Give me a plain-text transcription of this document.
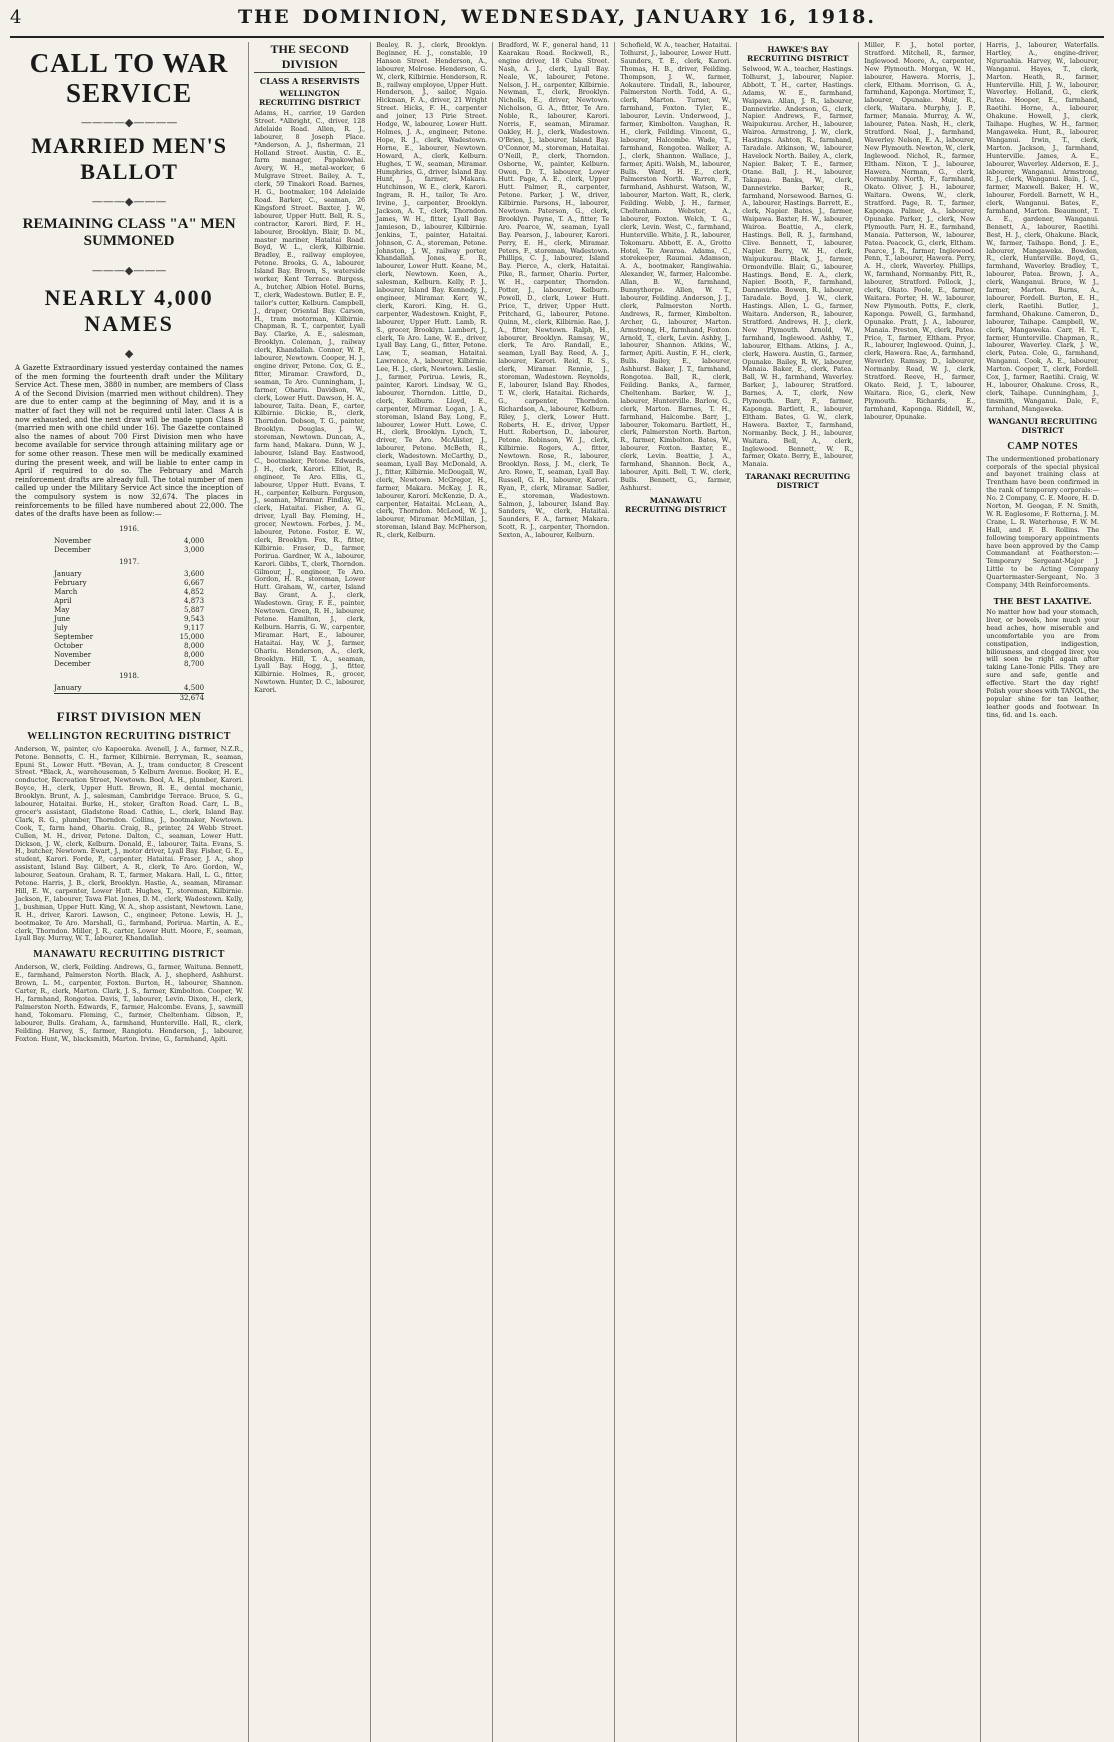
4	THE DOMINION, WEDNESDAY, JANUARY 16, 1918.
CALL TO WAR SERVICE
————◆————
MARRIED MEN'S BALLOT
———◆———
REMAINING CLASS "A" MEN SUMMONED
———◆———
NEARLY 4,000 NAMES
◆
A Gazette Extraordinary issued yesterday contained the names of the men forming the fourteenth draft under the Military Service Act. These men, 3880 in number, are members of Class A of the Second Division (married men without children). They are due to enter camp at the beginning of May, and it is a matter of fact they will not be required until later. Class A is now exhausted, and the next draw will be made upon Class B (married men with one child under 16). The Gazette contained also the names of about 700 First Division men who have become available for service through attaining military age or for some other reason. These men will be medically examined during the present week, and will be liable to enter camp in April if required to do so. The February and March reinforcement drafts are already full. The total number of men called up under the Military Service Act since the inception of the compulsory system is now 32,674. The places in reinforcements to be filled have numbered about 22,000. The dates of the drafts have been as follow:—
1916.
November	4,000
December	3,000
1917.
January	3,600
February	6,667
March	4,852
April	4,873
May	5,887
June	9,543
July	9,117
September	15,000
October	8,000
November	8,000
December	8,700
1918.
January	4,500
32,674
FIRST DIVISION MEN
WELLINGTON RECRUITING DISTRICT
Anderson, W., painter, c/o Kapoeraka. Avenell, J. A., farmer, N.Z.R., Petone. Bennetts, C. H., farmer, Kilbirnie. Berryman, R., seaman, Epuni St., Lower Hutt. *Bevan, A. J., tram conductor, 8 Crescent Street. *Black, A., warehouseman, 5 Kelburn Avenue. Booker, H. E., conductor, Recreation Street, Newtown. Bool, A. H., plumber, Karori. Boyce, H., clerk, Upper Hutt. Brown, R. E., dental mechanic, Brooklyn. Brunt, A. J., salesman, Cambridge Terrace. Bruce, S. G., labourer, Hataitai. Burke, H., stoker, Grafton Road. Carr, L. B., grocer's assistant, Gladstone Road. Cathie, L., clerk, Island Bay. Clark, R. G., plumber, Thorndon. Collins, J., bootmaker, Newtown. Cook, T., farm hand, Ohariu. Craig, R., printer, 24 Webb Street. Cullen, M. H., driver, Petone. Dalton, C., seaman, Lower Hutt. Dickson, J. W., clerk, Kelburn. Donald, E., labourer, Taita. Evans, S. H., butcher, Newtown. Ewart, J., motor driver, Lyall Bay. Fisher, G. E., student, Karori. Forde, P., carpenter, Hataitai. Fraser, J. A., shop assistant, Island Bay. Gilbert, A. R., clerk, Te Aro. Gordon, W., labourer, Seatoun. Graham, R. T., farmer, Makara. Hall, L. G., fitter, Petone. Harris, J. B., clerk, Brooklyn. Hastie, A., seaman, Miramar. Hill, E. W., carpenter, Lower Hutt. Hughes, T., storeman, Kilbirnie. Jackson, F., labourer, Tawa Flat. Jones, D. M., clerk, Wadestown. Kelly, J., bushman, Upper Hutt. King, W. A., shop assistant, Newtown. Lane, R. H., driver, Karori. Lawson, C., engineer, Petone. Lewis, H. J., bootmaker, Te Aro. Marshall, G., farmhand, Porirua. Martin, A. E., clerk, Thorndon. Miller, J. R., carter, Lower Hutt. Moore, F., seaman, Lyall Bay. Murray, W. T., labourer, Khandallah.
MANAWATU RECRUITING DISTRICT
Anderson, W., clerk, Feilding. Andrews, G., farmer, Waituna. Bennett, E., farmhand, Palmerston North. Black, A. J., shepherd, Ashhurst. Brown, L. M., carpenter, Foxton. Burton, H., labourer, Shannon. Carter, R., clerk, Marton. Clark, J. S., farmer, Kimbolton. Cooper, W. H., farmhand, Rongotea. Davis, T., labourer, Levin. Dixon, H., clerk, Palmerston North. Edwards, F., farmer, Halcombe. Evans, J., sawmill hand, Tokomaru. Fleming, C., farmer, Cheltenham. Gibson, P., labourer, Bulls. Graham, A., farmhand, Hunterville. Hall, R., clerk, Feilding. Harvey, S., farmer, Rangiotu. Henderson, J., labourer, Foxton. Hunt, W., blacksmith, Marton. Irvine, G., farmhand, Apiti.
THE SECOND DIVISION
CLASS A RESERVISTS
WELLINGTON RECRUITING DISTRICT
Adams, H., carrier, 19 Garden Street. *Albright, C., driver, 128 Adelaide Road. Allen, R. J., labourer, 8 Joseph Place. *Anderson, A. J., fisherman, 21 Holland Street. Austin, C. E., farm manager, Papakowhai. Avery, W. H., metal-worker, 6 Mulgrave Street. Bailey, A. T., clerk, 59 Tinakori Road. Barnes, H. G., bootmaker, 104 Adelaide Road. Barker, C., seaman, 26 Kingsford Street. Baxter, J. W., labourer, Upper Hutt. Bell, R. S., contractor, Karori. Bird, F. H., labourer, Brooklyn. Blair, D. M., master mariner, Hataitai Road. Boyd, W. L., clerk, Kilbirnie. Bradley, E., railway employee, Petone. Brooks, G. A., labourer, Island Bay. Brown, S., waterside worker, Kent Terrace. Burgess, A., butcher, Albion Hotel. Burns, T., clerk, Wadestown. Butler, E. F., tailor's cutter, Kelburn. Campbell, J., draper, Oriental Bay. Carson, H., tram motorman, Kilbirnie. Chapman, R. T., carpenter, Lyall Bay. Clarke, A. E., salesman, Brooklyn. Coleman, J., railway clerk, Khandallah. Connor, W. P., labourer, Newtown. Cooper, H. J., engine driver, Petone. Cox, G. E., fitter, Miramar. Crawford, D., seaman, Te Aro. Cunningham, J., farmer, Ohariu. Davidson, W., clerk, Lower Hutt. Dawson, H. A., labourer, Taita. Dean, F., carter, Kilbirnie. Dickie, R., clerk, Thorndon. Dobson, T. G., painter, Brooklyn. Douglas, J. W., storeman, Newtown. Duncan, A., farm hand, Makara. Dunn, W. J., labourer, Island Bay. Eastwood, C., bootmaker, Petone. Edwards, J. H., clerk, Karori. Elliot, R., engineer, Te Aro. Ellis, G., labourer, Upper Hutt. Evans, T. H., carpenter, Kelburn. Ferguson, J., seaman, Miramar. Findlay, W., clerk, Hataitai. Fisher, A. G., driver, Lyall Bay. Fleming, H., grocer, Newtown. Forbes, J. M., labourer, Petone. Foster, E. W., clerk, Brooklyn. Fox, R., fitter, Kilbirnie. Fraser, D., farmer, Porirua. Gardner, W. A., labourer, Karori. Gibbs, T., clerk, Thorndon. Gilmour, J., engineer, Te Aro. Gordon, H. R., storeman, Lower Hutt. Graham, W., carter, Island Bay. Grant, A. J., clerk, Wadestown. Gray, F. E., painter, Newtown. Green, R. H., labourer, Petone. Hamilton, J., clerk, Kelburn. Harris, G. W., carpenter, Miramar. Hart, E., labourer, Hataitai. Hay, W. J., farmer, Ohariu. Henderson, A., clerk, Brooklyn. Hill, T. A., seaman, Lyall Bay. Hogg, J., fitter, Kilbirnie. Holmes, R., grocer, Newtown. Hunter, D. C., labourer, Karori.
Bealey, R. J., clerk, Brooklyn. Beginner, H. J., constable, 19 Hanson Street. Henderson, A., labourer, Melrose. Henderson, G. W., clerk, Kilbirnie. Henderson, R. B., railway employee, Upper Hutt. Henderson, J., sailor, Ngaio. Hickman, F. A., driver, 21 Wright Street. Hicks, F. H., carpenter and joiner, 13 Pirie Street. Hodge, W., labourer, Lower Hutt. Holmes, J. A., engineer, Petone. Hope, R. J., clerk, Wadestown. Horne, E., labourer, Newtown. Howard, A., clerk, Kelburn. Hughes, T. W., seaman, Miramar. Humphries, G., driver, Island Bay. Hunt, J., farmer, Makara. Hutchinson, W. E., clerk, Karori. Ingram, R. H., tailor, Te Aro. Irvine, J., carpenter, Brooklyn. Jackson, A. T., clerk, Thorndon. James, W. H., fitter, Lyall Bay. Jamieson, D., labourer, Kilbirnie. Jenkins, T., painter, Hataitai. Johnson, C. A., storeman, Petone. Johnston, J. W., railway porter, Khandallah. Jones, E. R., labourer, Lower Hutt. Keane, M., clerk, Newtown. Keen, A., salesman, Kelburn. Kelly, P. J., labourer, Island Bay. Kennedy, J., engineer, Miramar. Kerr, W., clerk, Karori. King, H. G., carpenter, Wadestown. Knight, F., labourer, Upper Hutt. Lamb, R. S., grocer, Brooklyn. Lambert, J., clerk, Te Aro. Lane, W. E., driver, Lyall Bay. Lang, G., fitter, Petone. Law, T., seaman, Hataitai. Lawrence, A., labourer, Kilbirnie. Lee, H. J., clerk, Newtown. Leslie, J., farmer, Porirua. Lewis, R., painter, Karori. Lindsay, W. G., labourer, Thorndon. Little, D., clerk, Kelburn. Lloyd, E., carpenter, Miramar. Logan, J. A., storeman, Island Bay. Long, F., labourer, Lower Hutt. Lowe, C. H., clerk, Brooklyn. Lynch, T., driver, Te Aro. McAlister, J., labourer, Petone. McBeth, R., clerk, Wadestown. McCarthy, D., seaman, Lyall Bay. McDonald, A. J., fitter, Kilbirnie. McDougall, W., clerk, Newtown. McGregor, H., farmer, Makara. McKay, J. R., labourer, Karori. McKenzie, D. A., carpenter, Hataitai. McLean, A., clerk, Thorndon. McLeod, W. J., labourer, Miramar. McMillan, J., storeman, Island Bay. McPherson, R., clerk, Kelburn.
Bradford, W. F., general hand, 11 Kaarakau Road. Rockwell, R., engine driver, 18 Cuba Street. Nash, A. J., clerk, Lyall Bay. Neale, W., labourer, Petone. Nelson, J. H., carpenter, Kilbirnie. Newman, T., clerk, Brooklyn. Nicholls, E., driver, Newtown. Nicholson, G. A., fitter, Te Aro. Noble, R., labourer, Karori. Norris, F., seaman, Miramar. Oakley, H. J., clerk, Wadestown. O'Brien, J., labourer, Island Bay. O'Connor, M., storeman, Hataitai. O'Neill, P., clerk, Thorndon. Osborne, W., painter, Kelburn. Owen, D. T., labourer, Lower Hutt. Page, A. E., clerk, Upper Hutt. Palmer, R., carpenter, Petone. Parker, J. W., driver, Kilbirnie. Parsons, H., labourer, Newtown. Paterson, G., clerk, Brooklyn. Payne, T. A., fitter, Te Aro. Pearce, W., seaman, Lyall Bay. Pearson, J., labourer, Karori. Perry, E. H., clerk, Miramar. Peters, F., storeman, Wadestown. Phillips, C. J., labourer, Island Bay. Pierce, A., clerk, Hataitai. Pike, R., farmer, Ohariu. Porter, W. H., carpenter, Thorndon. Potter, J., labourer, Kelburn. Powell, D., clerk, Lower Hutt. Price, T., driver, Upper Hutt. Pritchard, G., labourer, Petone. Quinn, M., clerk, Kilbirnie. Rae, J. A., fitter, Newtown. Ralph, H., labourer, Brooklyn. Ramsay, W., clerk, Te Aro. Randall, E., seaman, Lyall Bay. Reed, A. J., labourer, Karori. Reid, R. S., clerk, Miramar. Rennie, J., storeman, Wadestown. Reynolds, F., labourer, Island Bay. Rhodes, T. W., clerk, Hataitai. Richards, G., carpenter, Thorndon. Richardson, A., labourer, Kelburn. Riley, J., clerk, Lower Hutt. Roberts, H. E., driver, Upper Hutt. Robertson, D., labourer, Petone. Robinson, W. J., clerk, Kilbirnie. Rogers, A., fitter, Newtown. Rose, R., labourer, Brooklyn. Ross, J. M., clerk, Te Aro. Rowe, T., seaman, Lyall Bay. Russell, G. H., labourer, Karori. Ryan, P., clerk, Miramar. Sadler, E., storeman, Wadestown. Salmon, J., labourer, Island Bay. Sanders, W., clerk, Hataitai. Saunders, F. A., farmer, Makara. Scott, R. J., carpenter, Thorndon. Sexton, A., labourer, Kelburn.
Schofield, W. A., teacher, Hataitai. Tolhurst, J., labourer, Lower Hutt. Saunders, T. E., clerk, Karori. Thomas, H. B., driver, Feilding. Thompson, J. W., farmer, Aokautere. Tindall, R., labourer, Palmerston North. Todd, A. G., clerk, Marton. Turner, W., farmhand, Foxton. Tyler, E., labourer, Levin. Underwood, J., farmer, Kimbolton. Vaughan, R. H., clerk, Feilding. Vincent, G., labourer, Halcombe. Wade, T., farmhand, Rongotea. Walker, A. J., clerk, Shannon. Wallace, J., farmer, Apiti. Walsh, M., labourer, Bulls. Ward, H. E., clerk, Palmerston North. Warren, F., farmhand, Ashhurst. Watson, W., labourer, Marton. Watt, R., clerk, Feilding. Webb, J. H., farmer, Cheltenham. Webster, A., labourer, Foxton. Welch, T. G., clerk, Levin. West, C., farmhand, Hunterville. White, J. R., labourer, Tokomaru. Abbott, E. A., Grotto Hotel, Te Awaroa. Adams, C., storekeeper, Raumai. Adamson, A. A., bootmaker, Rangiwahia. Alexander, W., farmer, Halcombe. Allan, B. W., farmhand, Bunnythorpe. Allen, W. T., labourer, Feilding. Anderson, J. J., clerk, Palmerston North. Andrews, R., farmer, Kimbolton. Archer, G., labourer, Marton. Armstrong, H., farmhand, Foxton. Arnold, T., clerk, Levin. Ashby, J., labourer, Shannon. Atkins, W., farmer, Apiti. Austin, F. H., clerk, Bulls. Bailey, E., labourer, Ashhurst. Baker, J. T., farmhand, Rongotea. Ball, R., clerk, Feilding. Banks, A., farmer, Cheltenham. Barker, W. J., labourer, Hunterville. Barlow, G., clerk, Marton. Barnes, T. H., farmhand, Halcombe. Barr, J., labourer, Tokomaru. Bartlett, H., clerk, Palmerston North. Barton, R., farmer, Kimbolton. Bates, W., labourer, Foxton. Baxter, E., clerk, Levin. Beattie, J. A., farmhand, Shannon. Beck, A., labourer, Apiti. Bell, T. W., clerk, Bulls. Bennett, G., farmer, Ashhurst.
MANAWATU RECRUITING DISTRICT
HAWKE'S BAY RECRUITING DISTRICT
Selwood, W. A., teacher, Hastings. Tolhurst, J., labourer, Napier. Abbott, T. H., carter, Hastings. Adams, W. E., farmhand, Waipawa. Allan, J. R., labourer, Dannevirke. Anderson, G., clerk, Napier. Andrews, F., farmer, Waipukurau. Archer, H., labourer, Wairoa. Armstrong, J. W., clerk, Hastings. Ashton, R., farmhand, Taradale. Atkinson, W., labourer, Havelock North. Bailey, A., clerk, Napier. Baker, T. E., farmer, Otane. Ball, J. H., labourer, Takapau. Banks, W., clerk, Dannevirke. Barker, R., farmhand, Norsewood. Barnes, G. A., labourer, Hastings. Barrett, E., clerk, Napier. Bates, J., farmer, Waipawa. Baxter, H. W., labourer, Wairoa. Beattie, A., clerk, Hastings. Bell, R. J., farmhand, Clive. Bennett, T., labourer, Napier. Berry, W. H., clerk, Waipukurau. Black, J., farmer, Ormondville. Blair, G., labourer, Hastings. Bond, E. A., clerk, Napier. Booth, F., farmhand, Dannevirke. Bowen, R., labourer, Taradale. Boyd, J. W., clerk, Hastings. Allen, L. G., farmer, Waitara. Anderson, R., labourer, Stratford. Andrews, H. J., clerk, New Plymouth. Arnold, W., farmhand, Inglewood. Ashby, T., labourer, Eltham. Atkins, J. A., clerk, Hawera. Austin, G., farmer, Opunake. Bailey, R. W., labourer, Manaia. Baker, E., clerk, Patea. Ball, W. H., farmhand, Waverley. Barker, J., labourer, Stratford. Barnes, A. T., clerk, New Plymouth. Barr, F., farmer, Kaponga. Bartlett, R., labourer, Eltham. Bates, G. W., clerk, Hawera. Baxter, T., farmhand, Normanby. Beck, J. H., labourer, Waitara. Bell, A., clerk, Inglewood. Bennett, W. R., farmer, Okato. Berry, E., labourer, Manaia.
TARANAKI RECRUITING DISTRICT
Miller, F. J., hotel porter, Stratford. Mitchell, R., farmer, Inglewood. Moore, A., carpenter, New Plymouth. Morgan, W. H., labourer, Hawera. Morris, J., clerk, Eltham. Morrison, G. A., farmhand, Kaponga. Mortimer, T., labourer, Opunake. Muir, R., clerk, Waitara. Murphy, J. P., farmer, Manaia. Murray, A. W., labourer, Patea. Nash, H., clerk, Stratford. Neal, J., farmhand, Waverley. Nelson, E. A., labourer, New Plymouth. Newton, W., clerk, Inglewood. Nichol, R., farmer, Eltham. Nixon, T. J., labourer, Hawera. Norman, G., clerk, Normanby. North, F., farmhand, Okato. Oliver, J. H., labourer, Waitara. Owens, W., clerk, Stratford. Page, R. T., farmer, Kaponga. Palmer, A., labourer, Opunake. Parker, J., clerk, New Plymouth. Parr, H. E., farmhand, Manaia. Patterson, W., labourer, Patea. Peacock, G., clerk, Eltham. Pearce, J. R., farmer, Inglewood. Penn, T., labourer, Hawera. Perry, A. H., clerk, Waverley. Phillips, W., farmhand, Normanby. Pitt, R., labourer, Stratford. Pollock, J., clerk, Okato. Poole, E., farmer, Waitara. Porter, H. W., labourer, New Plymouth. Potts, F., clerk, Kaponga. Powell, G., farmhand, Opunake. Pratt, J. A., labourer, Manaia. Preston, W., clerk, Patea. Price, T., farmer, Eltham. Pryor, R., labourer, Inglewood. Quinn, J., clerk, Hawera. Rae, A., farmhand, Waverley. Ramsay, D., labourer, Normanby. Read, W. J., clerk, Stratford. Reeve, H., farmer, Okato. Reid, J. T., labourer, Waitara. Rice, G., clerk, New Plymouth. Richards, E., farmhand, Kaponga. Riddell, W., labourer, Opunake.
Harris, J., labourer, Waterfalls. Hartley, A., engine-driver, Nguruahia. Harvey, W., labourer, Wanganui. Hayes, T., clerk, Marton. Heath, R., farmer, Hunterville. Hill, J. W., labourer, Waverley. Holland, G., clerk, Patea. Hooper, E., farmhand, Raetihi. Horne, A., labourer, Ohakune. Howell, J., clerk, Taihape. Hughes, W. H., farmer, Mangaweka. Hunt, R., labourer, Wanganui. Irwin, T., clerk, Marton. Jackson, J., farmhand, Hunterville. James, A. E., labourer, Waverley. Alderson, E. J., labourer, Wanganui. Armstrong, R. J., clerk, Wanganui. Bain, J. C., farmer, Maxwell. Baker, H. W., labourer, Fordell. Barnett, W. H., clerk, Wanganui. Bates, F., farmhand, Marton. Beaumont, T. A. E., gardener, Wanganui. Bennett, A., labourer, Raetihi. Best, H. J., clerk, Ohakune. Black, W., farmer, Taihape. Bond, J. E., labourer, Mangaweka. Bowden, R., clerk, Hunterville. Boyd, G., farmhand, Waverley. Bradley, T., labourer, Patea. Brown, J. A., clerk, Wanganui. Bruce, W. J., farmer, Marton. Burns, A., labourer, Fordell. Burton, E. H., clerk, Raetihi. Butler, J., farmhand, Ohakune. Cameron, D., labourer, Taihape. Campbell, W., clerk, Mangaweka. Carr, H. T., farmer, Hunterville. Chapman, R., labourer, Waverley. Clark, J. W., clerk, Patea. Cole, G., farmhand, Wanganui. Cook, A. E., labourer, Marton. Cooper, T., clerk, Fordell. Cox, J., farmer, Raetihi. Craig, W. H., labourer, Ohakune. Cross, R., clerk, Taihape. Cunningham, J., tinsmith, Wanganui. Dale, F., farmhand, Mangaweka.
WANGANUI RECRUITING DISTRICT
CAMP NOTES
The undermentioned probationary corporals of the special physical and bayonet training class at Trentham have been confirmed in the rank of temporary corporals:—No. 2 Company, C. E. Moore, H. D. Norton, M. Geogan, F. N. Smith, W. R. Eaglesome, F. Rotterna, J. M. Crane, L. R. Waterhouse, F. W. M. Hall, and F. B. Rollins. The following temporary appointments have been approved by the Camp Commandant at Featherston:—Temporary Sergeant-Major J. Little to be Acting Company Quartermaster-Sergeant, No. 3 Company, 34th Reinforcements.
THE BEST LAXATIVE.
No matter how bad your stomach, liver, or bowels, how much your head aches, how miserable and uncomfortable you are from constipation, indigestion, biliousness, and clogged liver, you will soon be right again after taking Lane-Tonic Pills. They are sure and safe, gentle and effective. Start the day right! Polish your shoes with TANOL, the popular shine for tan leather, leather goods and footwear. In tins, 6d. and 1s. each.
